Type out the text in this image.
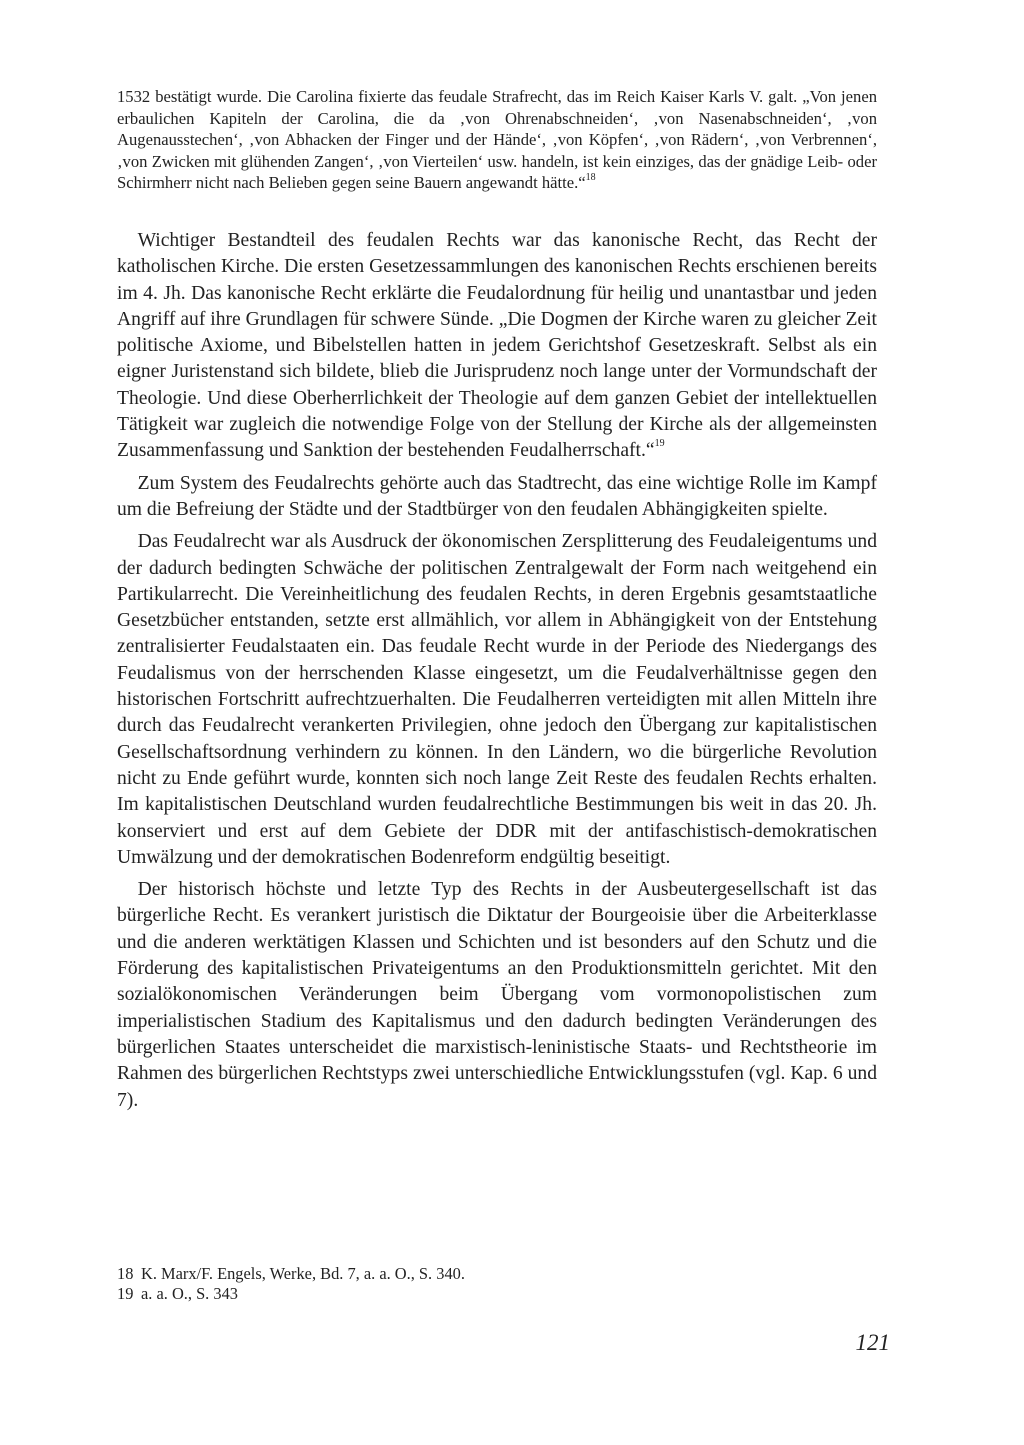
1532 bestätigt wurde. Die Carolina fixierte das feudale Strafrecht, das im Reich Kaiser Karls V. galt. „Von jenen erbaulichen Kapiteln der Carolina, die da ‚von Ohrenabschneiden‘, ‚von Nasenabschneiden‘, ‚von Augenausstechen‘, ‚von Abhacken der Finger und der Hände‘, ‚von Köpfen‘, ‚von Rädern‘, ‚von Verbrennen‘, ‚von Zwicken mit glühenden Zangen‘, ‚von Vierteilen‘ usw. handeln, ist kein einziges, das der gnädige Leib- oder Schirmherr nicht nach Belieben gegen seine Bauern angewandt hätte.“$^{18}$

Wichtiger Bestandteil des feudalen Rechts war das kanonische Recht, das Recht der katholischen Kirche. Die ersten Gesetzessammlungen des kanonischen Rechts erschienen bereits im 4. Jh. Das kanonische Recht erklärte die Feudalordnung für heilig und unantastbar und jeden Angriff auf ihre Grundlagen für schwere Sünde. „Die Dogmen der Kirche waren zu gleicher Zeit politische Axiome, und Bibelstellen hatten in jedem Gerichtshof Gesetzeskraft. Selbst als ein eigner Juristenstand sich bildete, blieb die Jurisprudenz noch lange unter der Vormundschaft der Theologie. Und diese Oberherrlichkeit der Theologie auf dem ganzen Gebiet der intellektuellen Tätigkeit war zugleich die notwendige Folge von der Stellung der Kirche als der allgemeinsten Zusammenfassung und Sanktion der bestehenden Feudalherrschaft.“$^{19}$

Zum System des Feudalrechts gehörte auch das Stadtrecht, das eine wichtige Rolle im Kampf um die Befreiung der Städte und der Stadtbürger von den feudalen Abhängigkeiten spielte.

Das Feudalrecht war als Ausdruck der ökonomischen Zersplitterung des Feudaleigentums und der dadurch bedingten Schwäche der politischen Zentralgewalt der Form nach weitgehend ein Partikularrecht. Die Vereinheitlichung des feudalen Rechts, in deren Ergebnis gesamtstaatliche Gesetzbücher entstanden, setzte erst allmählich, vor allem in Abhängigkeit von der Entstehung zentralisierter Feudalstaaten ein. Das feudale Recht wurde in der Periode des Niedergangs des Feudalismus von der herrschenden Klasse eingesetzt, um die Feudalverhältnisse gegen den historischen Fortschritt aufrechtzuerhalten. Die Feudalherren verteidigten mit allen Mitteln ihre durch das Feudalrecht verankerten Privilegien, ohne jedoch den Übergang zur kapitalistischen Gesellschaftsordnung verhindern zu können. In den Ländern, wo die bürgerliche Revolution nicht zu Ende geführt wurde, konnten sich noch lange Zeit Reste des feudalen Rechts erhalten. Im kapitalistischen Deutschland wurden feudalrechtliche Bestimmungen bis weit in das 20. Jh. konserviert und erst auf dem Gebiete der DDR mit der antifaschistisch-demokratischen Umwälzung und der demokratischen Bodenreform endgültig beseitigt.

Der historisch höchste und letzte Typ des Rechts in der Ausbeutergesellschaft ist das bürgerliche Recht. Es verankert juristisch die Diktatur der Bourgeoisie über die Arbeiterklasse und die anderen werktätigen Klassen und Schichten und ist besonders auf den Schutz und die Förderung des kapitalistischen Privateigentums an den Produktionsmitteln gerichtet. Mit den sozialökonomischen Veränderungen beim Übergang vom vormonopolistischen zum imperialistischen Stadium des Kapitalismus und den dadurch bedingten Veränderungen des bürgerlichen Staates unterscheidet die marxistisch-leninistische Staats- und Rechtstheorie im Rahmen des bürgerlichen Rechtstyps zwei unterschiedliche Entwicklungsstufen (vgl. Kap. 6 und 7).

18 K. Marx/F. Engels, Werke, Bd. 7, a. a. O., S. 340.
19 a. a. O., S. 343
121
